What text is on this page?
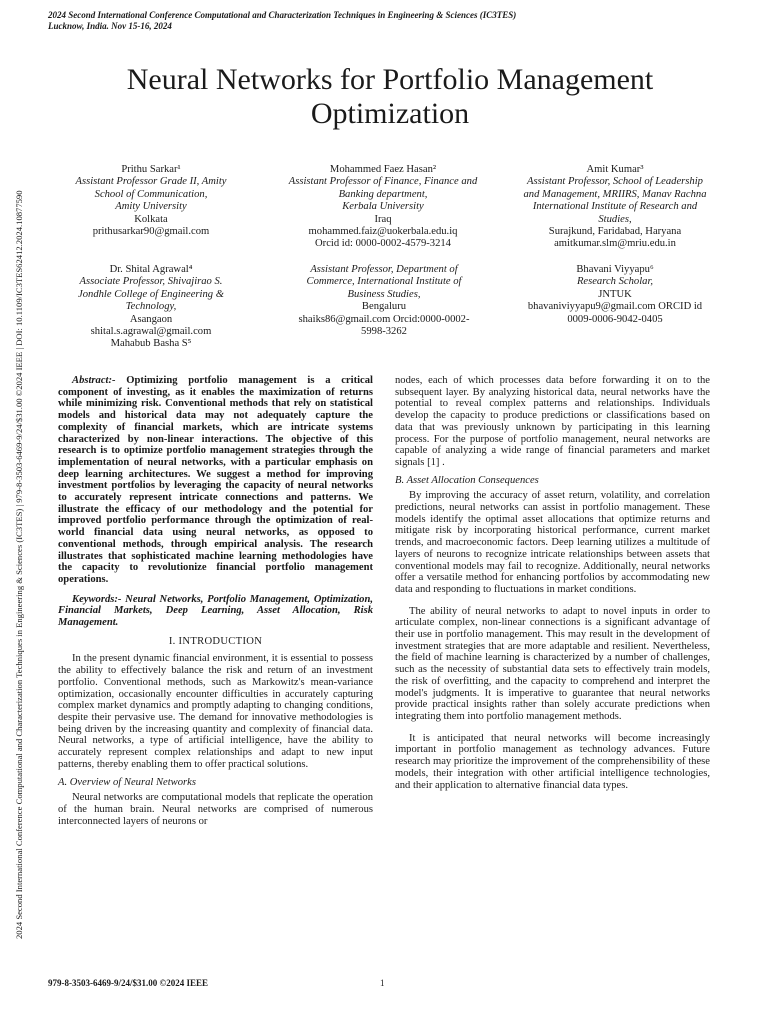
2024 Second International Conference Computational and Characterization Techniques in Engineering & Sciences (IC3TES)
Lucknow, India. Nov 15-16, 2024
2024 Second International Conference Computational and Characterization Techniques in Engineering & Sciences (IC3TES) | 979-8-3503-6469-9/24/$31.00 ©2024 IEEE | DOI: 10.1109/IC3TES62412.2024.10877590
Neural Networks for Portfolio Management Optimization
Prithu Sarkar¹
Assistant Professor Grade II, Amity School of Communication,
Amity University
Kolkata
prithusarkar90@gmail.com
Mohammed Faez Hasan²
Assistant Professor of Finance, Finance and Banking department,
Kerbala University
Iraq
mohammed.faiz@uokerbala.edu.iq
Orcid id: 0000-0002-4579-3214
Amit Kumar³
Assistant Professor, School of Leadership and Management, MRIIRS, Manav Rachna International Institute of Research and Studies,
Surajkund, Faridabad, Haryana
amitkumar.slm@mriu.edu.in
Dr. Shital Agrawal⁴
Associate Professor, Shivajirao S. Jondhle College of Engineering & Technology,
Asangaon
shital.s.agrawal@gmail.com
Mahabub Basha S⁵
Assistant Professor, Department of Commerce, International Institute of Business Studies,
Bengaluru
shaiks86@gmail.com Orcid:0000-0002-5998-3262
Bhavani Viyyapu⁶
Research Scholar,
JNTUK
bhavaniviyyapu9@gmail.com ORCID id 0009-0006-9042-0405

Abstract:- Optimizing portfolio management is a critical component of investing, as it enables the maximization of returns while minimizing risk. Conventional methods that rely on statistical models and historical data may not adequately capture the complexity of financial markets, which are intricate systems characterized by non-linear interactions. The objective of this research is to optimize portfolio management strategies through the implementation of neural networks, with a particular emphasis on deep learning architectures. We suggest a method for improving investment portfolios by leveraging the capacity of neural networks to accurately represent intricate connections and patterns. We illustrate the efficacy of our methodology and the potential for improved portfolio performance through the optimization of real-world financial data using neural networks, as opposed to conventional methods, through empirical analysis. The research illustrates that sophisticated machine learning methodologies have the capacity to revolutionize financial portfolio management operations.

Keywords:- Neural Networks, Portfolio Management, Optimization, Financial Markets, Deep Learning, Asset Allocation, Risk Management.

I. INTRODUCTION

In the present dynamic financial environment, it is essential to possess the ability to effectively balance the risk and return of an investment portfolio. Conventional methods, such as Markowitz's mean-variance optimization, occasionally encounter difficulties in accurately capturing complex market dynamics and promptly adapting to changing conditions, despite their pervasive use. The demand for innovative methodologies is being driven by the increasing quantity and complexity of financial data. Neural networks, a type of artificial intelligence, have the ability to accurately represent complex relationships and adapt to new input patterns, thereby enabling them to offer practical solutions.

A. Overview of Neural Networks

Neural networks are computational models that replicate the operation of the human brain. Neural networks are comprised of numerous interconnected layers of neurons or

nodes, each of which processes data before forwarding it on to the subsequent layer. By analyzing historical data, neural networks have the potential to reveal complex patterns and relationships. Individuals develop the capacity to produce predictions or classifications based on data that was previously unknown by participating in this learning process. For the purpose of portfolio management, neural networks are capable of analyzing a wide range of financial parameters and market signals [1] .

B. Asset Allocation Consequences

By improving the accuracy of asset return, volatility, and correlation predictions, neural networks can assist in portfolio management. These models identify the optimal asset allocations that optimize returns and mitigate risk by incorporating historical performance, current market trends, and macroeconomic factors. Deep learning utilizes a multitude of layers of neurons to recognize intricate relationships between assets that conventional models may fail to recognize. Additionally, neural networks offer a versatile method for enhancing portfolios by accommodating new data and responding to fluctuations in market conditions.

The ability of neural networks to adapt to novel inputs in order to articulate complex, non-linear connections is a significant advantage of their use in portfolio management. This may result in the development of investment strategies that are more adaptable and resilient. Nevertheless, the field of machine learning is characterized by a number of challenges, such as the necessity of substantial data sets to effectively train models, the risk of overfitting, and the capacity to comprehend and interpret the model's judgments. It is imperative to guarantee that neural networks provide practical insights rather than solely accurate predictions when integrating them into portfolio management methods.

It is anticipated that neural networks will become increasingly important in portfolio management as technology advances. Future research may prioritize the improvement of the comprehensibility of these models, their integration with other artificial intelligence technologies, and their application to alternative financial data types.

979-8-3503-6469-9/24/$31.00 ©2024 IEEE	1
